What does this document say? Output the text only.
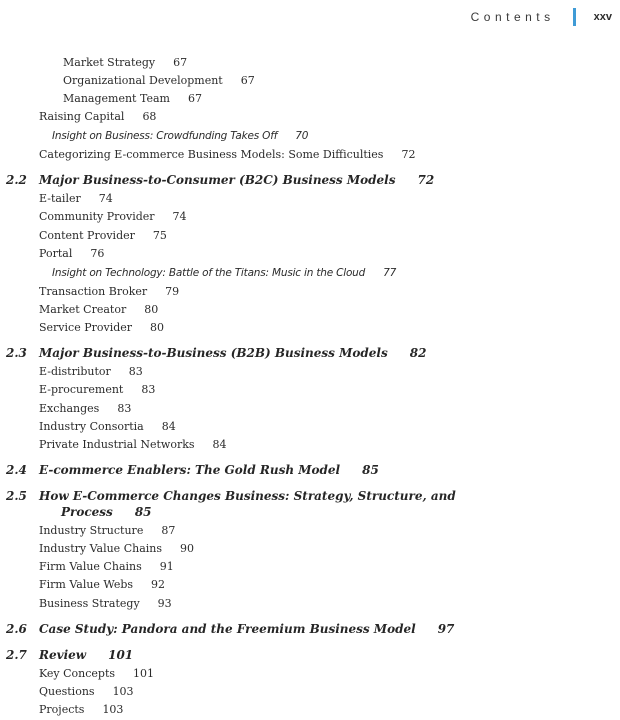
Contents	xxv
Market Strategy 67
Organizational Development 67
Management Team 67
Raising Capital 68
Insight on Business: Crowdfunding Takes Off 70
Categorizing E-commerce Business Models: Some Difficulties 72
E-tailer 74
Community Provider 74
Content Provider 75
Portal 76
Insight on Technology: Battle of the Titans: Music in the Cloud 77
Transaction Broker 79
Market Creator 80
Service Provider 80
E-distributor 83
E-procurement 83
Exchanges 83
Industry Consortia 84
Private Industrial Networks 84
Industry Structure 87
Industry Value Chains 90
Firm Value Chains 91
Firm Value Webs 92
Business Strategy 93
Key Concepts 101
Questions 103
Projects 103
2.2 Major Business-to-Consumer (B2C) Business Models 72
2.3 Major Business-to-Business (B2B) Business Models 82
2.4 E-commerce Enablers: The Gold Rush Model 85
2.5 How E-Commerce Changes Business: Strategy, Structure, and
Process 85
2.6 Case Study: Pandora and the Freemium Business Model 97
2.7 Review 101
